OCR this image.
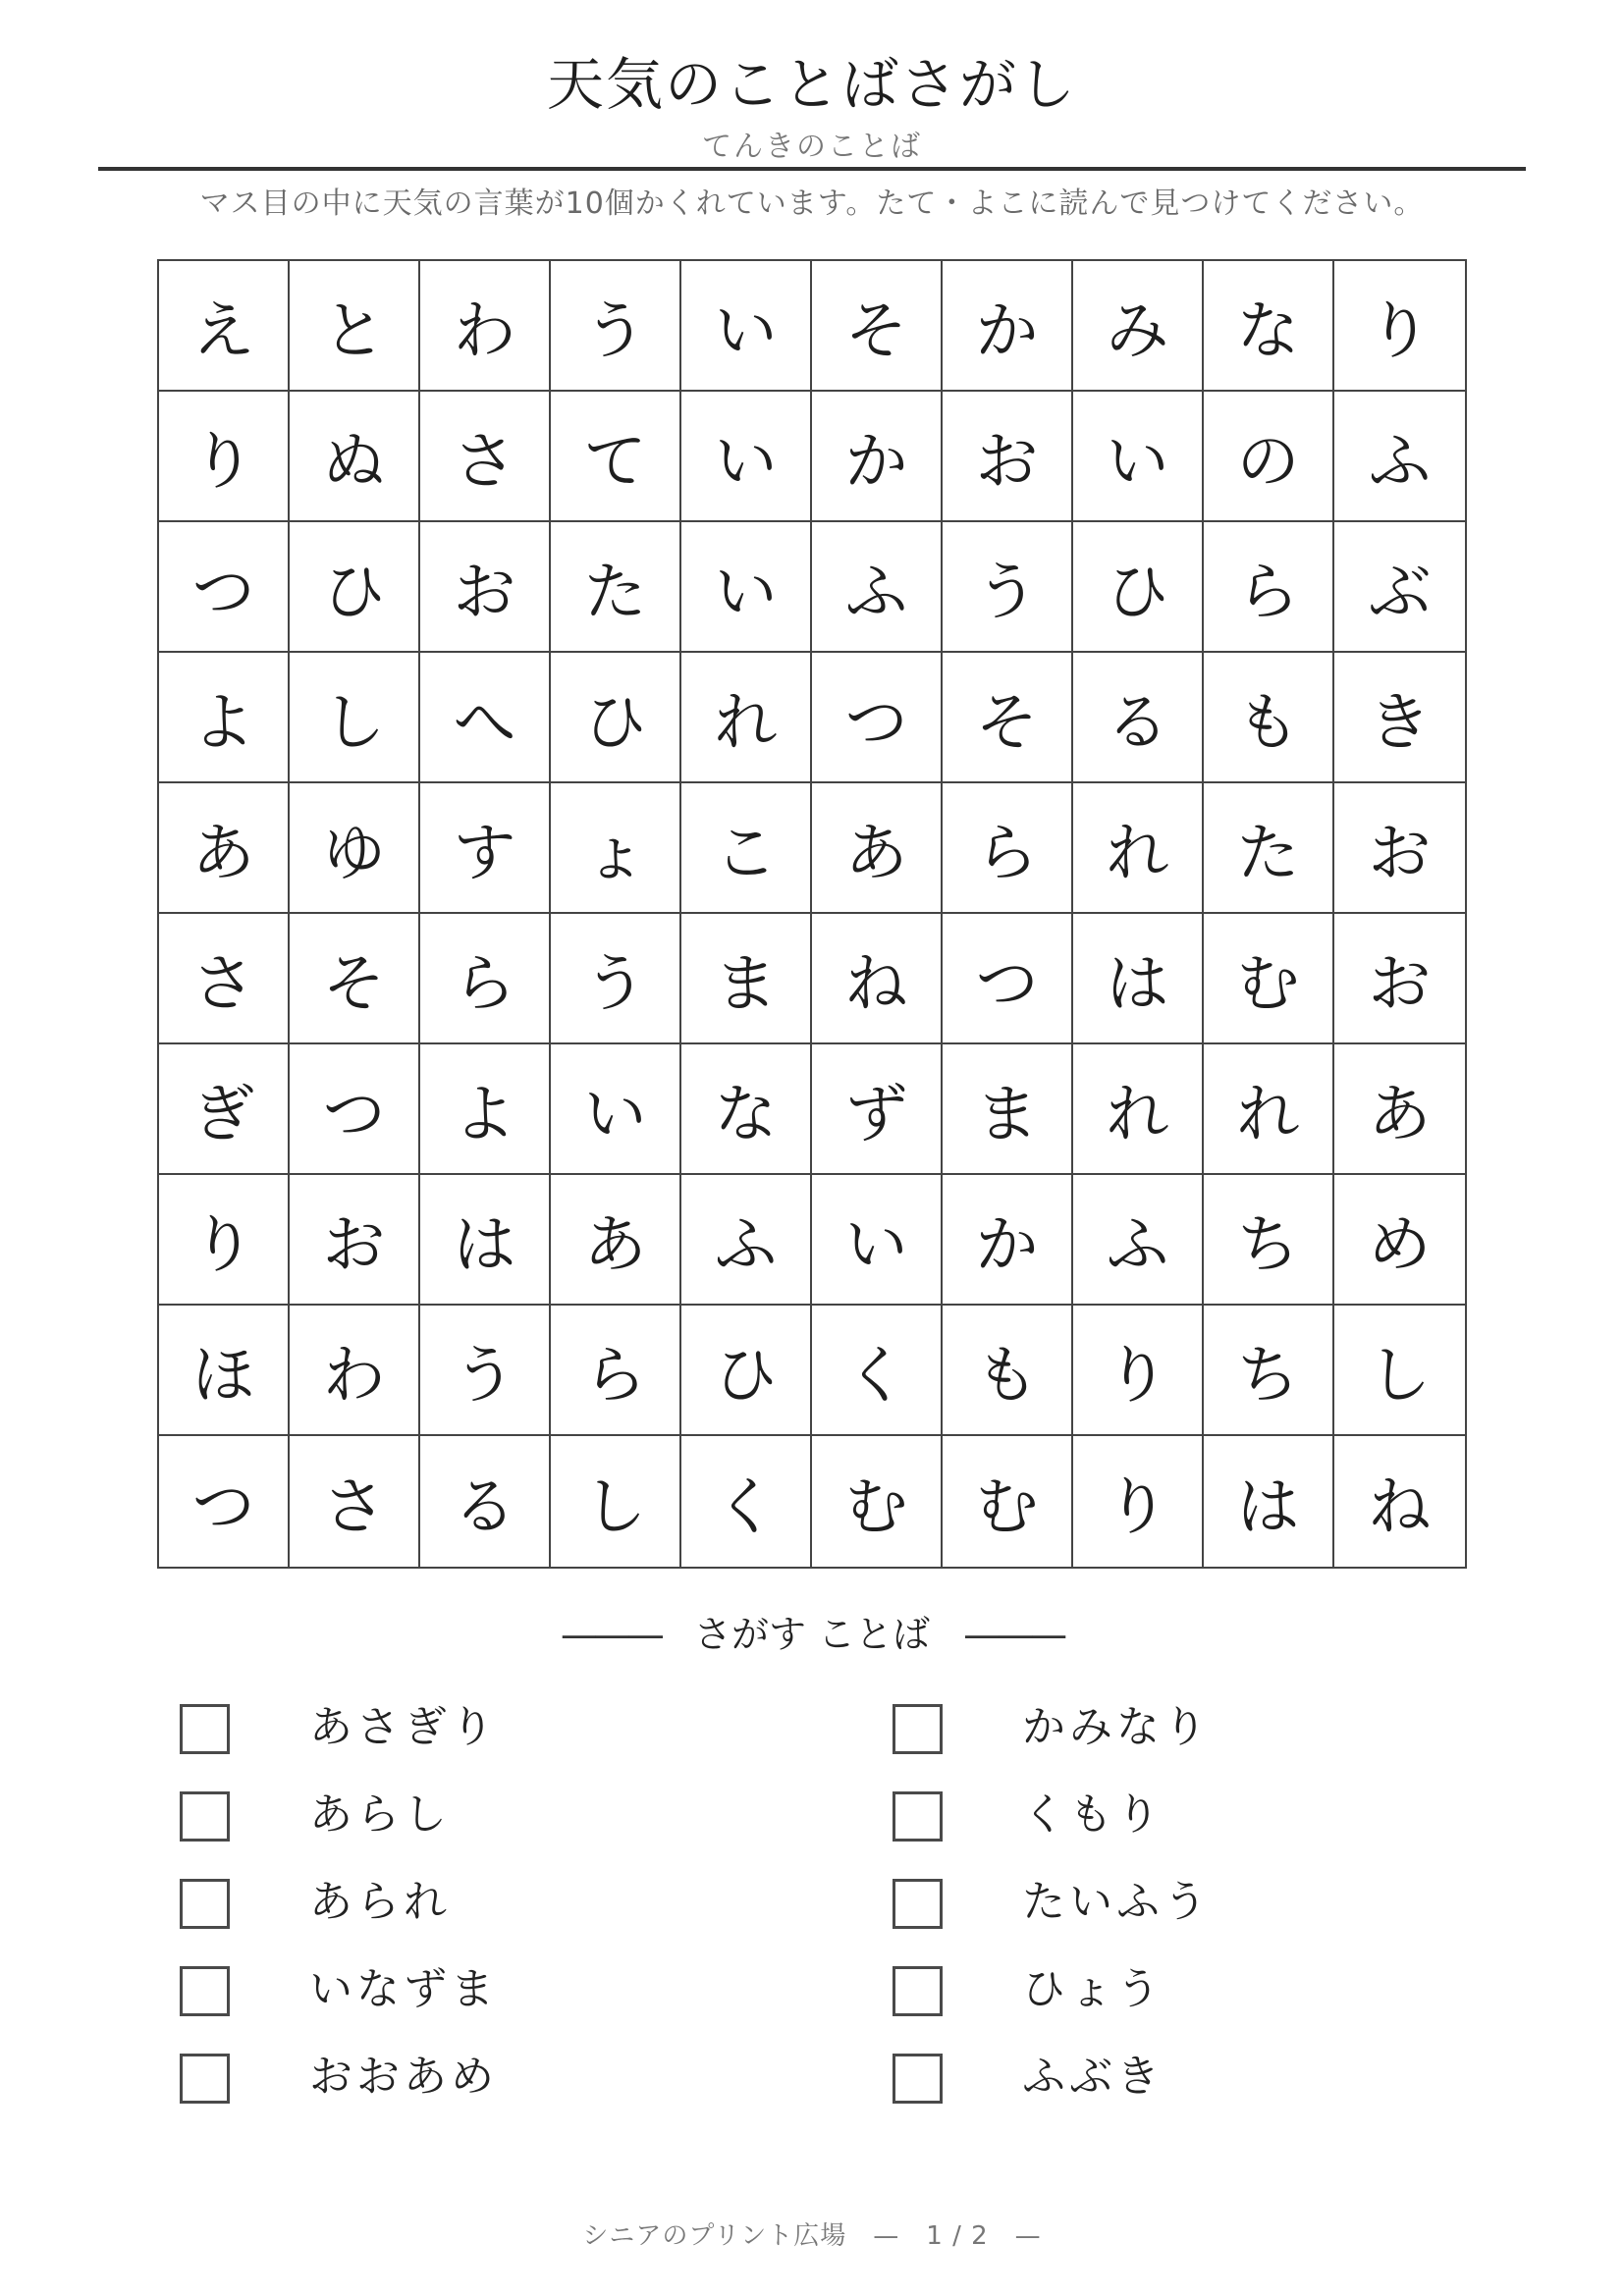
天気のことばさがし
てんきのことば
マス目の中に天気の言葉が10個かくれています。たて・よこに読んで見つけてください。
え	と	わ	う	い	そ	か	み	な	り
り	ぬ	さ	て	い	か	お	い	の	ふ
つ	ひ	お	た	い	ふ	う	ひ	ら	ぶ
よ	し	へ	ひ	れ	つ	そ	る	も	き
あ	ゆ	す	ょ	こ	あ	ら	れ	た	お
さ	そ	ら	う	ま	ね	つ	は	む	お
ぎ	つ	よ	い	な	ず	ま	れ	れ	あ
り	お	は	あ	ふ	い	か	ふ	ち	め
ほ	わ	う	ら	ひ	く	も	り	ち	し
つ	さ	る	し	く	む	む	り	は	ね
——— さがす ことば ———
あさぎり
あらし
あられ
いなずま
おおあめ
かみなり
くもり
たいふう
ひょう
ふぶき
シニアのプリント広場　—　1 / 2　—
